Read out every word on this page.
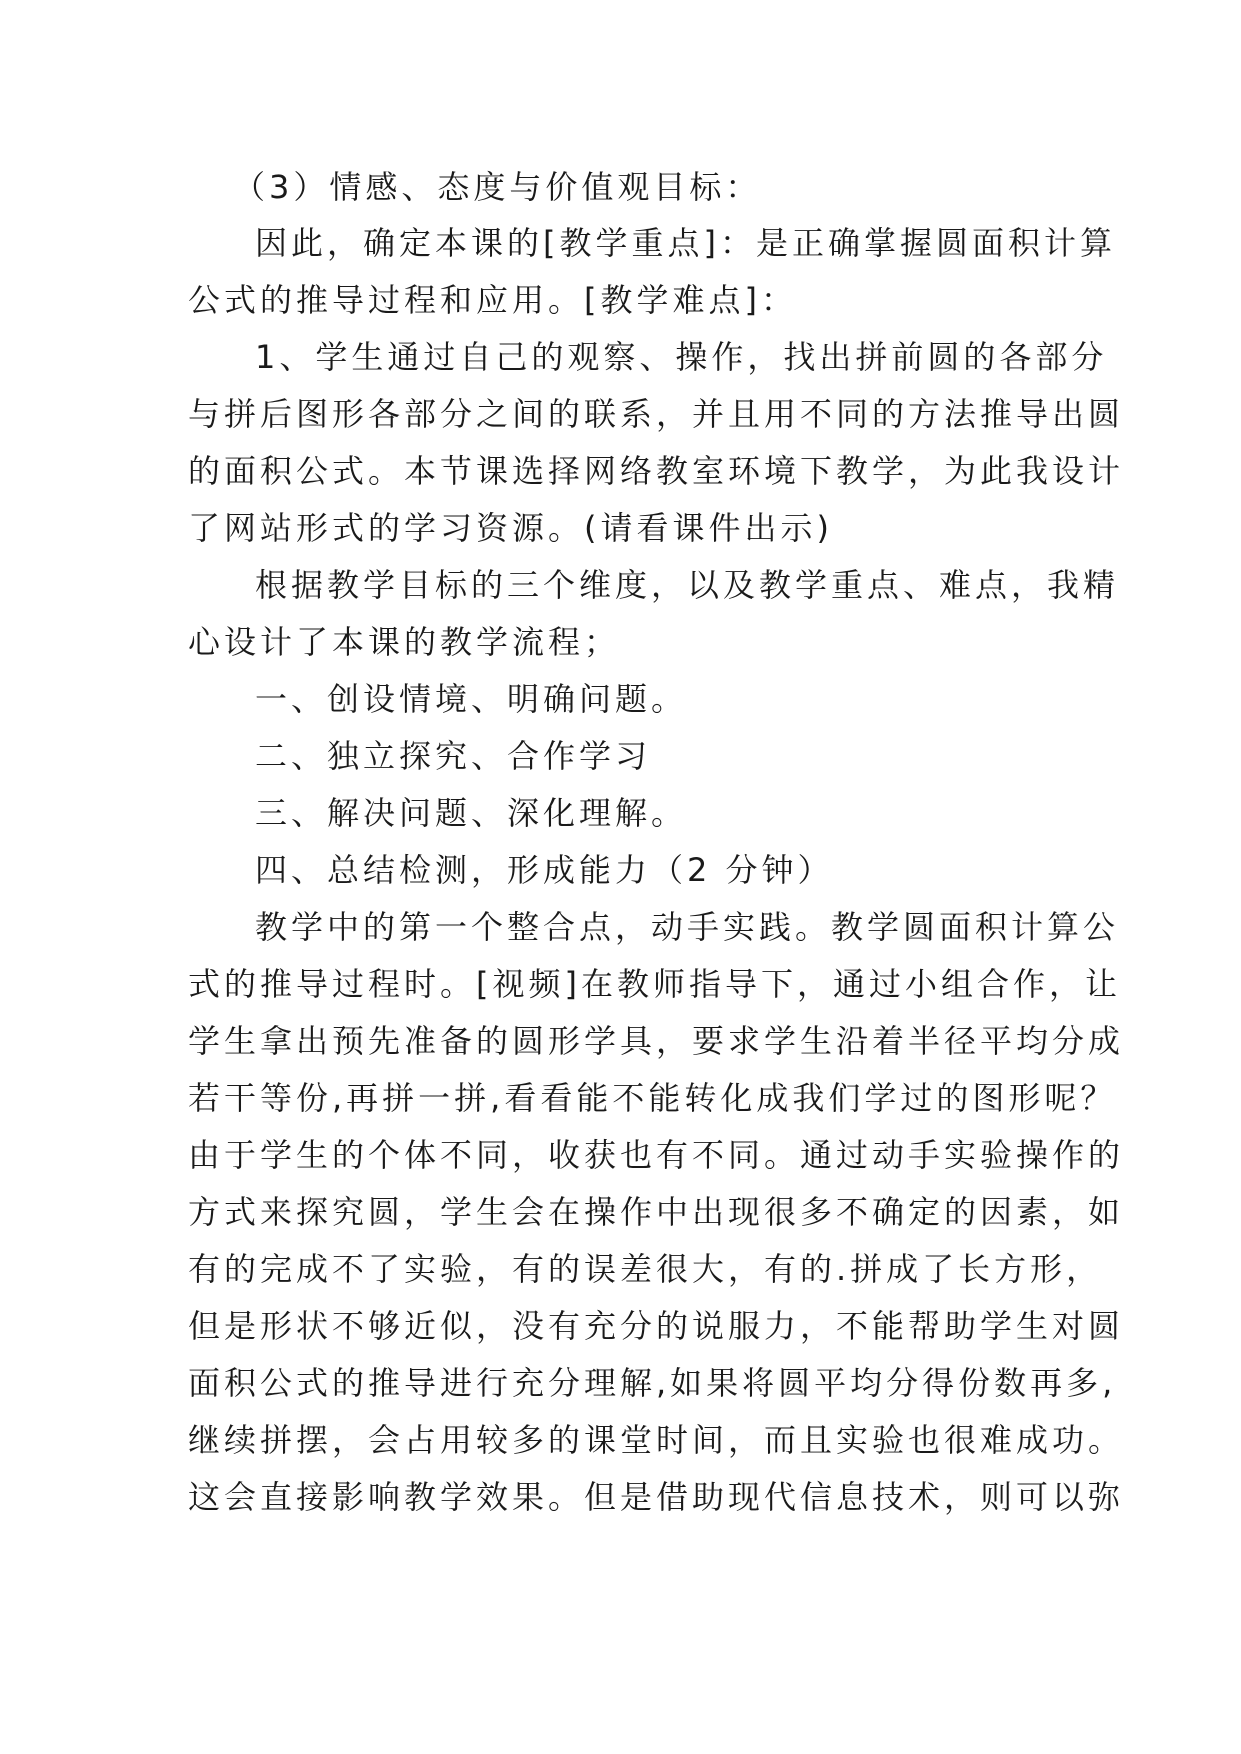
（3）情感、态度与价值观目标：
因此，确定本课的[教学重点]：是正确掌握圆面积计算
公式的推导过程和应用。[教学难点]：
1、学生通过自己的观察、操作，找出拼前圆的各部分
与拼后图形各部分之间的联系，并且用不同的方法推导出圆
的面积公式。本节课选择网络教室环境下教学，为此我设计
了网站形式的学习资源。(请看课件出示)
根据教学目标的三个维度，以及教学重点、难点，我精
心设计了本课的教学流程；
一、创设情境、明确问题。
二、独立探究、合作学习
三、解决问题、深化理解。
四、总结检测，形成能力（2 分钟）
教学中的第一个整合点，动手实践。教学圆面积计算公
式的推导过程时。[视频]在教师指导下，通过小组合作，让
学生拿出预先准备的圆形学具，要求学生沿着半径平均分成
若干等份,再拼一拼,看看能不能转化成我们学过的图形呢？
由于学生的个体不同，收获也有不同。通过动手实验操作的
方式来探究圆，学生会在操作中出现很多不确定的因素，如
有的完成不了实验，有的误差很大，有的.拼成了长方形，
但是形状不够近似，没有充分的说服力，不能帮助学生对圆
面积公式的推导进行充分理解,如果将圆平均分得份数再多,
继续拼摆，会占用较多的课堂时间，而且实验也很难成功。
这会直接影响教学效果。但是借助现代信息技术，则可以弥
